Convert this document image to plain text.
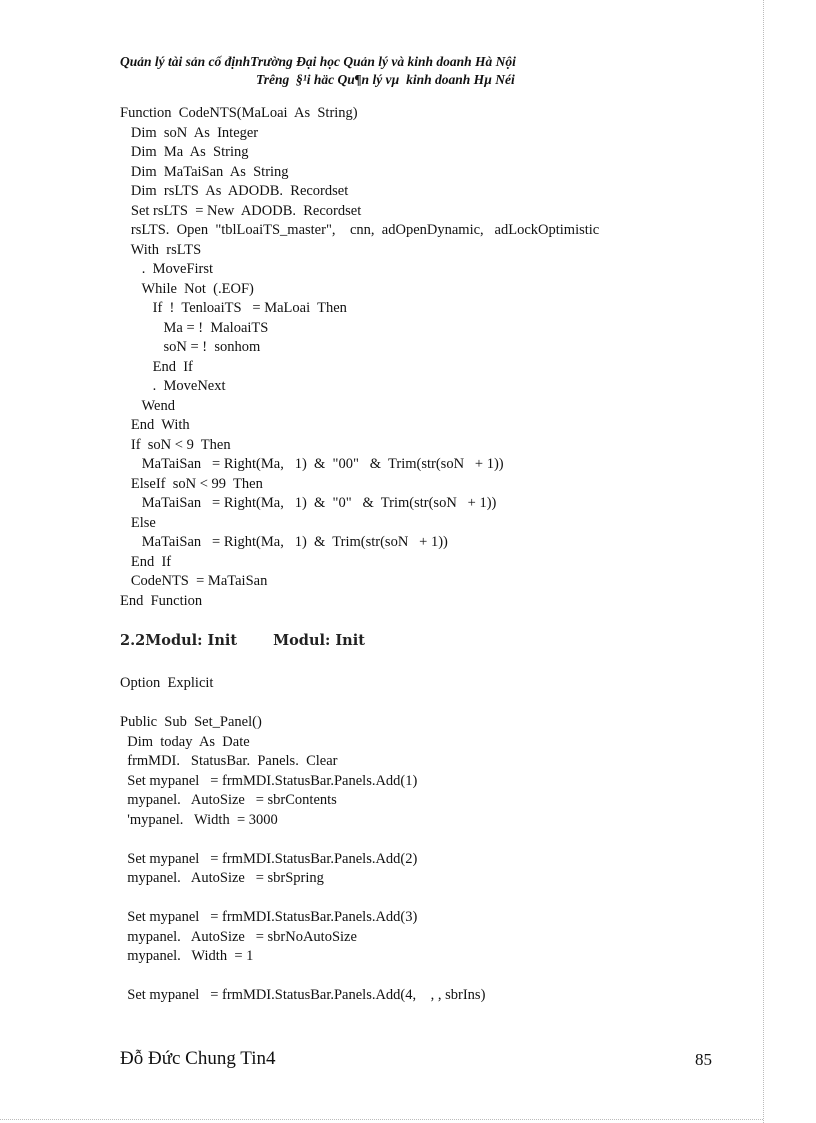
Quản lý tài sản cố địnhTrường Đại học Quản lý và kinh doanh Hà Nội
Trêng  §¹i häc Qu¶n lý vµ  kinh doanh Hµ Néi
Function  CodeNTS(MaLoai  As  String)
Dim  soN  As  Integer
Dim  Ma  As  String
Dim  MaTaiSan  As  String
Dim  rsLTS  As  ADODB.  Recordset
Set rsLTS  = New  ADODB.  Recordset
rsLTS.  Open  "tblLoaiTS_master",    cnn,  adOpenDynamic,   adLockOptimistic
With  rsLTS
.  MoveFirst
While  Not  (.EOF)
If  !  TenloaiTS   = MaLoai  Then
Ma = !  MaloaiTS
soN = !  sonhom
End  If
.  MoveNext
Wend
End  With
If  soN < 9  Then
MaTaiSan   = Right(Ma,   1)  &  "00"   &  Trim(str(soN   + 1))
ElseIf  soN < 99  Then
MaTaiSan   = Right(Ma,   1)  &  "0"   &  Trim(str(soN   + 1))
Else
MaTaiSan   = Right(Ma,   1)  &  Trim(str(soN   + 1))
End  If
CodeNTS  = MaTaiSan
End  Function
2.2Modul: Init Modul: Init
Option  Explicit

Public  Sub  Set_Panel()
Dim  today  As  Date
frmMDI.   StatusBar.  Panels.  Clear
Set mypanel   = frmMDI.StatusBar.Panels.Add(1)
mypanel.   AutoSize   = sbrContents
'mypanel.   Width  = 3000

Set mypanel   = frmMDI.StatusBar.Panels.Add(2)
mypanel.   AutoSize   = sbrSpring

Set mypanel   = frmMDI.StatusBar.Panels.Add(3)
mypanel.   AutoSize   = sbrNoAutoSize
mypanel.   Width  = 1

Set mypanel   = frmMDI.StatusBar.Panels.Add(4,    , , sbrIns)
Đỗ Đức Chung Tin4	85
